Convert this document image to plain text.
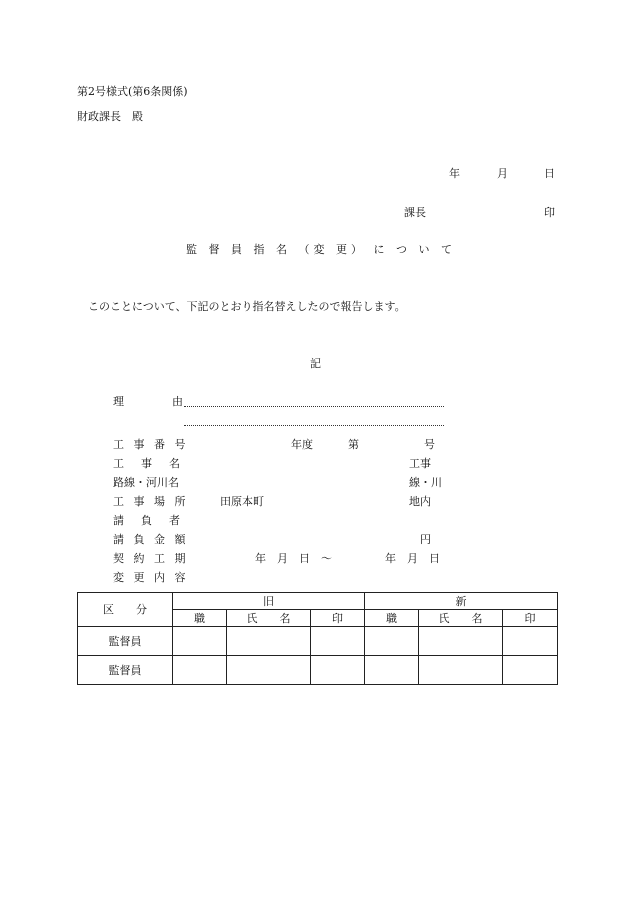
第2号様式(第6条関係)
財政課長　殿
年	月	日
課長	印
監 督 員 指 名 （変 更） に つ い て
このことについて、下記のとおり指名替えしたので報告します。
記
理	由
工 事 番 号	年度	第	号
工　事　名	工事
路線・河川名	線・川
工 事 場 所	田原本町	地内
請　負　者
請 負 金 額	円
契 約 工 期	年　月　日　〜	年　月　日
変 更 内 容
区　　分	旧			新		
	職	氏　　名	印	職	氏　　名	印
監督員						
監督員						
